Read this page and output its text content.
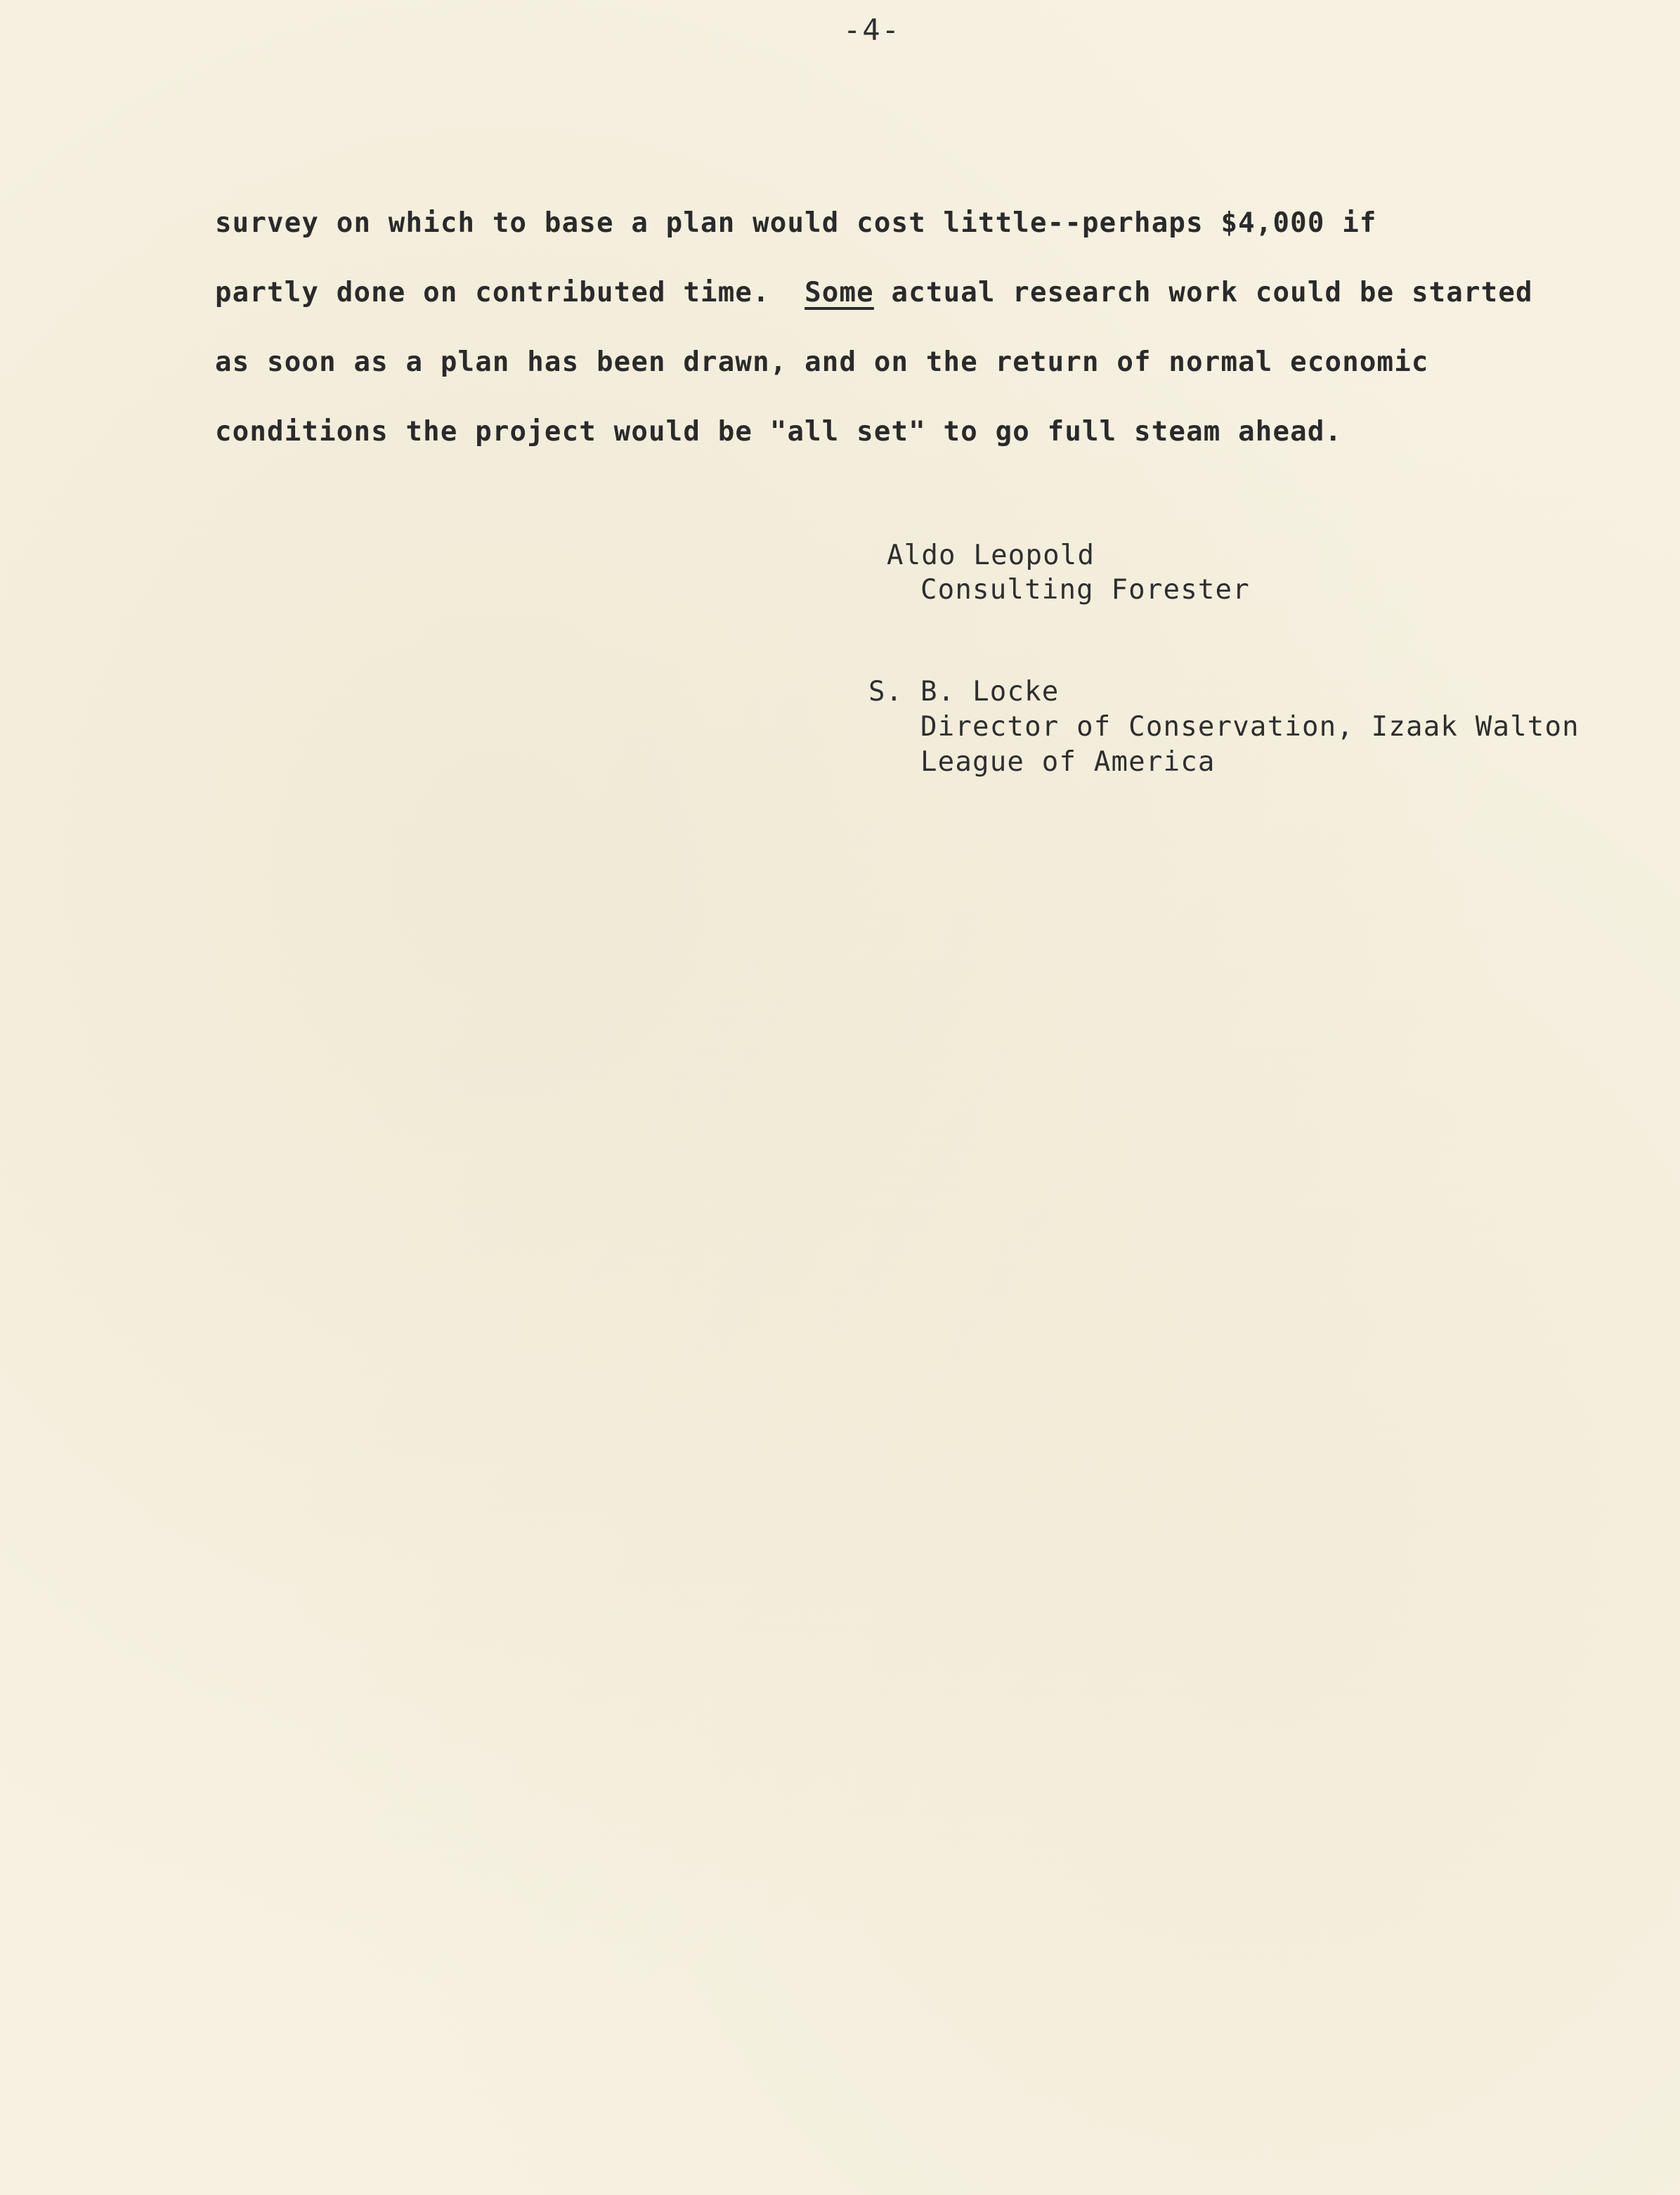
-4-
survey on which to base a plan would cost little--perhaps $4,000 if
partly done on contributed time.  Some actual research work could be started
as soon as a plan has been drawn, and on the return of normal economic
conditions the project would be "all set" to go full steam ahead.
Aldo Leopold
Consulting Forester
S. B. Locke
Director of Conservation, Izaak Walton
League of America
